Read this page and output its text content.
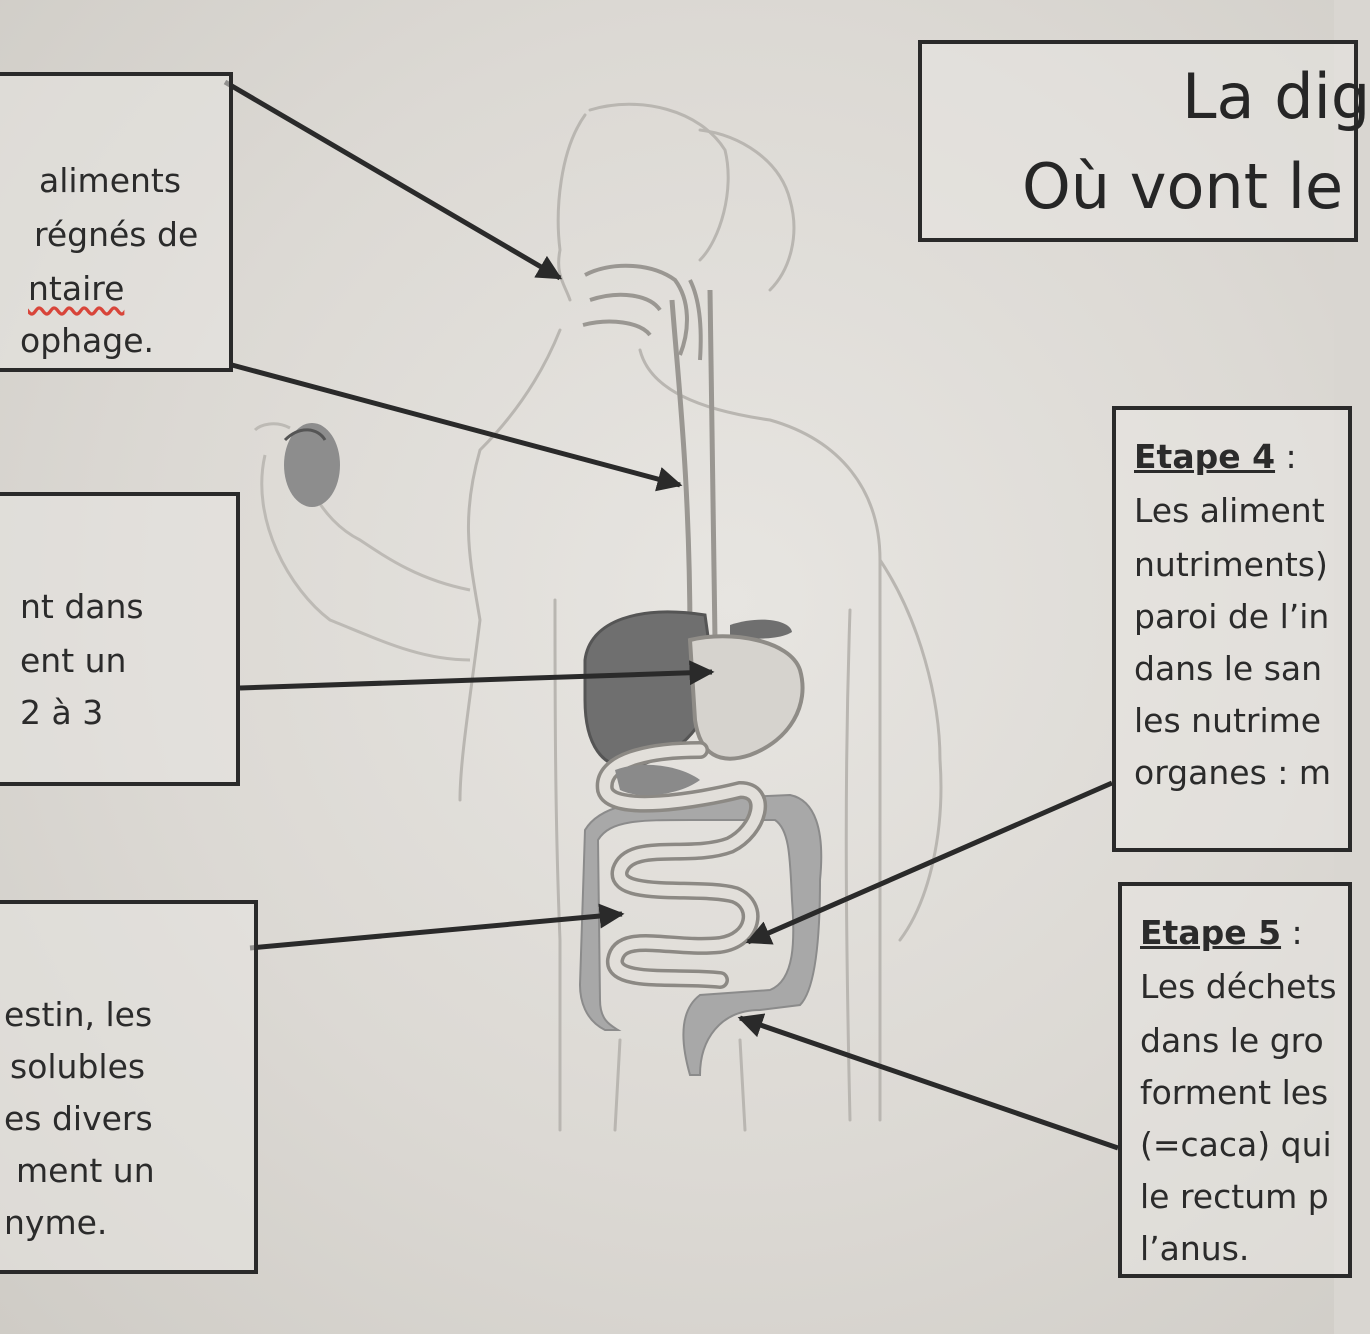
La dig
Où vont le
aliments
régnés de
ntaire
ophage.
nt dans
ent un
2 à 3
estin, les
solubles
es divers
ment un
nyme.
Etape 4 :
Les aliment
nutriments)
paroi de l’in
dans le san
les nutrime
organes : m
Etape 5 :
Les déchets
dans le gro
forment les
(=caca) qui
le rectum p
l’anus.
